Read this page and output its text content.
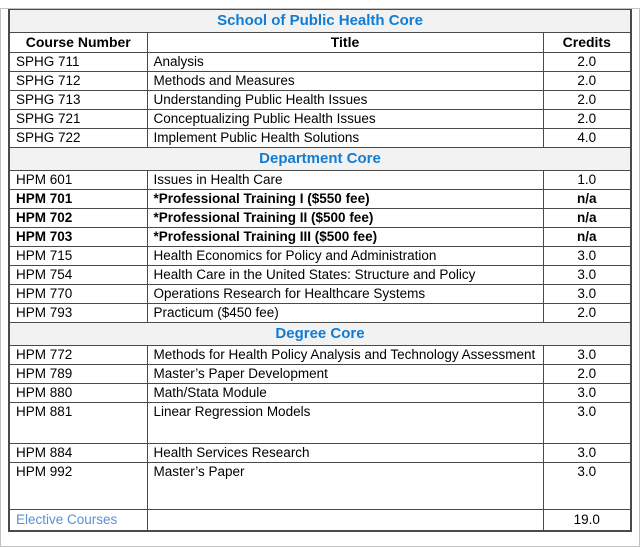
School of Public Health Core		
Course Number	Title	Credits
SPHG 711	Analysis	2.0
SPHG 712	Methods and Measures	2.0
SPHG 713	Understanding Public Health Issues	2.0
SPHG 721	Conceptualizing Public Health Issues	2.0
SPHG 722	Implement Public Health Solutions	4.0
Department Core		
HPM 601	Issues in Health Care	1.0
HPM 701	*Professional Training I ($550 fee)	n/a
HPM 702	*Professional Training II ($500 fee)	n/a
HPM 703	*Professional Training III ($500 fee)	n/a
HPM 715	Health Economics for Policy and Administration	3.0
HPM 754	Health Care in the United States: Structure and Policy	3.0
HPM 770	Operations Research for Healthcare Systems	3.0
HPM 793	Practicum ($450 fee)	2.0
Degree Core		
HPM 772	Methods for Health Policy Analysis and Technology Assessment	3.0
HPM 789	Master’s Paper Development	2.0
HPM 880	Math/Stata Module	3.0
HPM 881	Linear Regression Models	3.0
HPM 884	Health Services Research	3.0
HPM 992	Master’s Paper	3.0
Elective Courses		19.0
